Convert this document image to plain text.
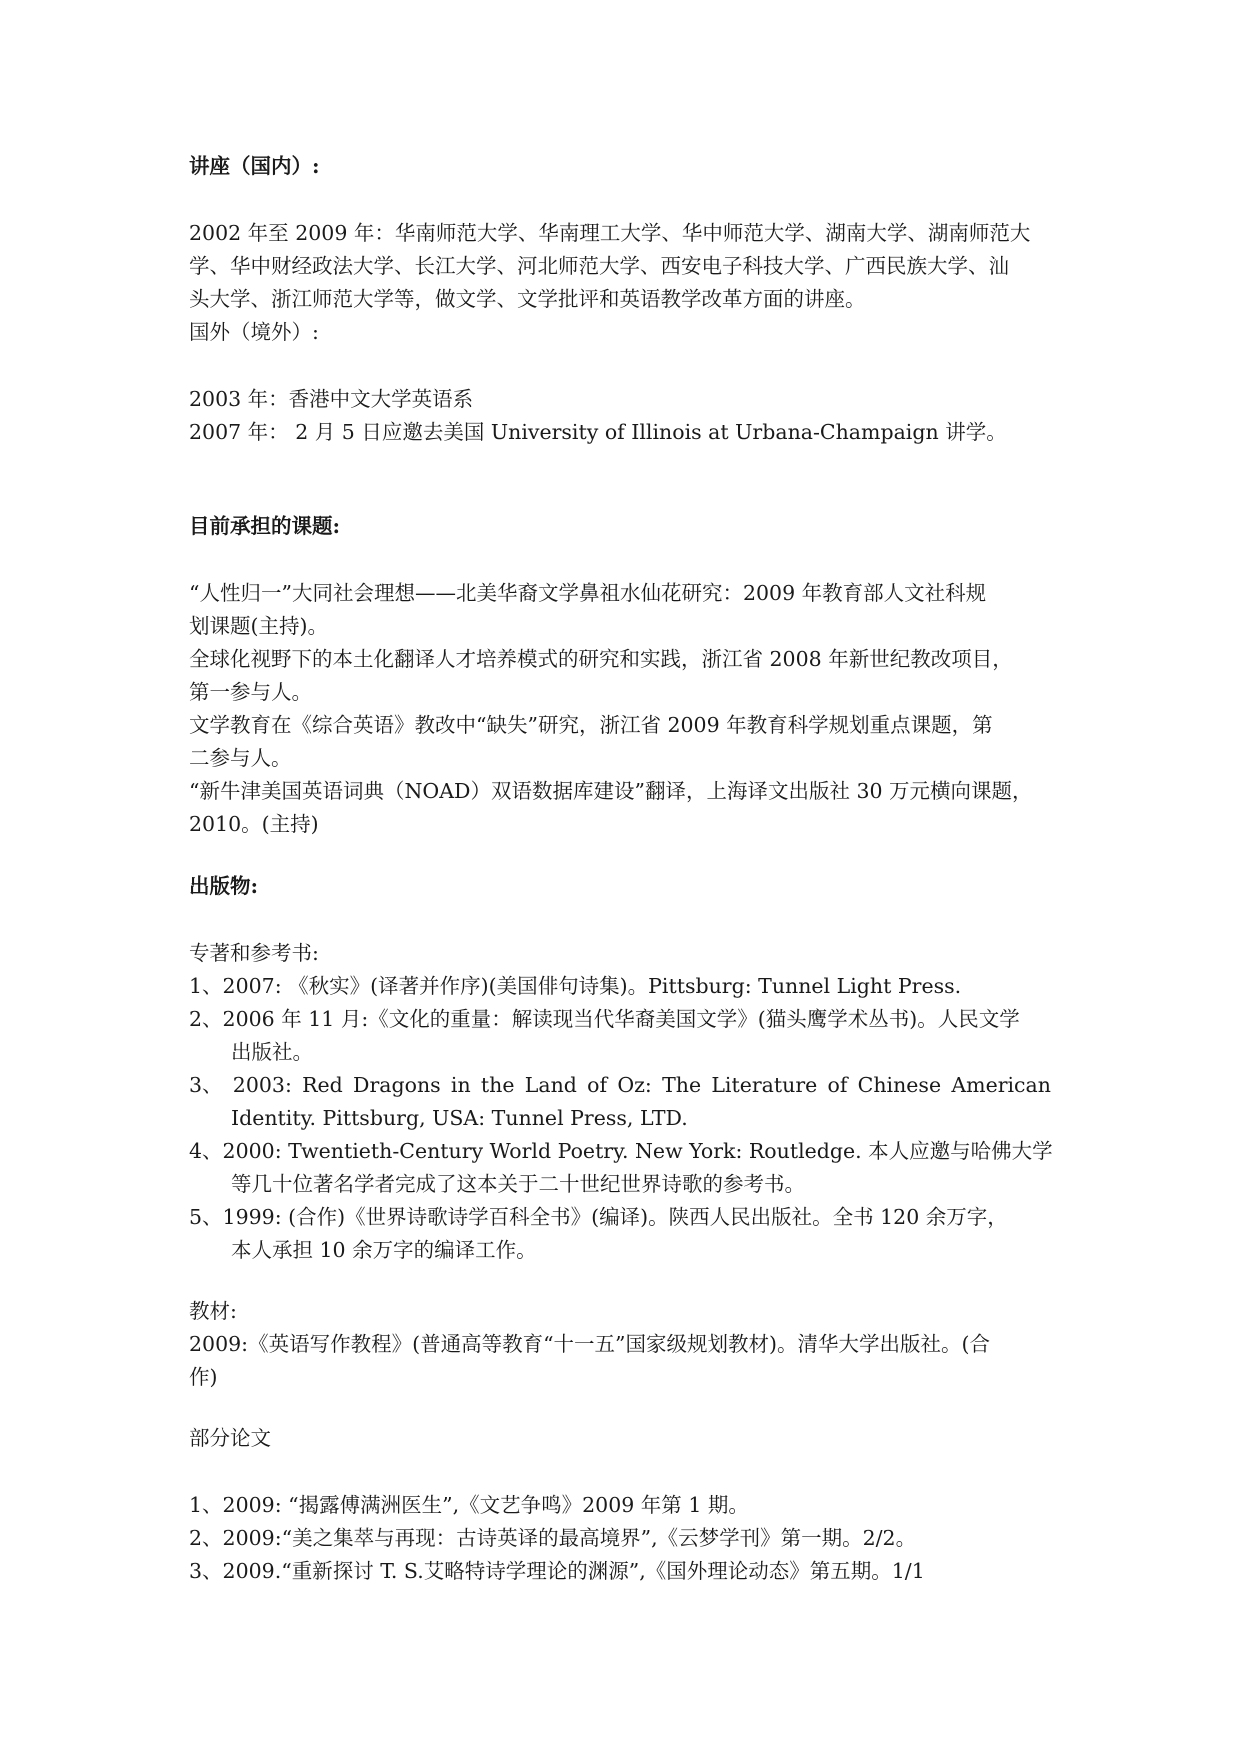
讲座（国内）:
2002 年至 2009 年：华南师范大学、华南理工大学、华中师范大学、湖南大学、湖南师范大
学、华中财经政法大学、长江大学、河北师范大学、西安电子科技大学、广西民族大学、汕
头大学、浙江师范大学等，做文学、文学批评和英语教学改革方面的讲座。
国外（境外）:
2003 年：香港中文大学英语系
2007 年： 2 月 5 日应邀去美国 University of Illinois at Urbana-Champaign 讲学。
目前承担的课题:
“人性归一”大同社会理想——北美华裔文学鼻祖水仙花研究：2009 年教育部人文社科规
划课题(主持)。
全球化视野下的本土化翻译人才培养模式的研究和实践，浙江省 2008 年新世纪教改项目，
第一参与人。
文学教育在《综合英语》教改中“缺失”研究，浙江省 2009 年教育科学规划重点课题，第
二参与人。
“新牛津美国英语词典（NOAD）双语数据库建设”翻译，上海译文出版社 30 万元横向课题，
2010。(主持)
出版物:
专著和参考书:
1、2007: 《秋实》(译著并作序)(美国俳句诗集)。Pittsburg: Tunnel Light Press.
2、2006 年 11 月:《文化的重量：解读现当代华裔美国文学》(猫头鹰学术丛书)。人民文学
出版社。
3、 2003: Red Dragons in the Land of Oz: The Literature of Chinese American
Identity. Pittsburg, USA: Tunnel Press, LTD.
4、2000: Twentieth-Century World Poetry. New York: Routledge. 本人应邀与哈佛大学
等几十位著名学者完成了这本关于二十世纪世界诗歌的参考书。
5、1999: (合作)《世界诗歌诗学百科全书》(编译)。陕西人民出版社。全书 120 余万字，
本人承担 10 余万字的编译工作。
教材:
2009:《英语写作教程》(普通高等教育“十一五”国家级规划教材)。清华大学出版社。(合
作)
部分论文
1、2009: “揭露傅满洲医生”,《文艺争鸣》2009 年第 1 期。
2、2009:“美之集萃与再现：古诗英译的最高境界”,《云梦学刊》第一期。2/2。
3、2009.“重新探讨 T. S.艾略特诗学理论的渊源”,《国外理论动态》第五期。1/1
